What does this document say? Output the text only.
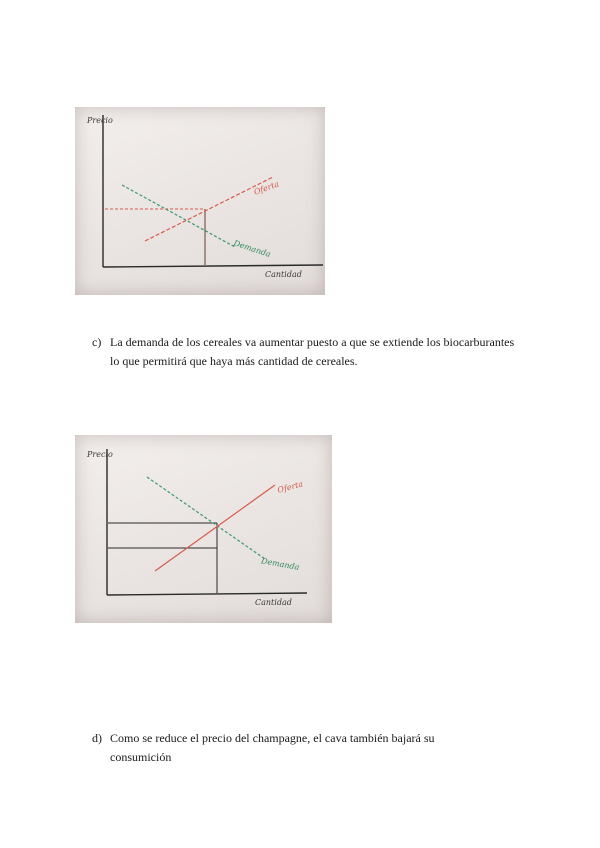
Precio
Cantidad
Oferta
Demanda
c) La demanda de los cereales va aumentar puesto a que se extiende los biocarburantes lo que permitirá que haya más cantidad de cereales.
Precio
Cantidad
Oferta
Demanda
d) Como se reduce el precio del champagne, el cava también bajará su consumición
